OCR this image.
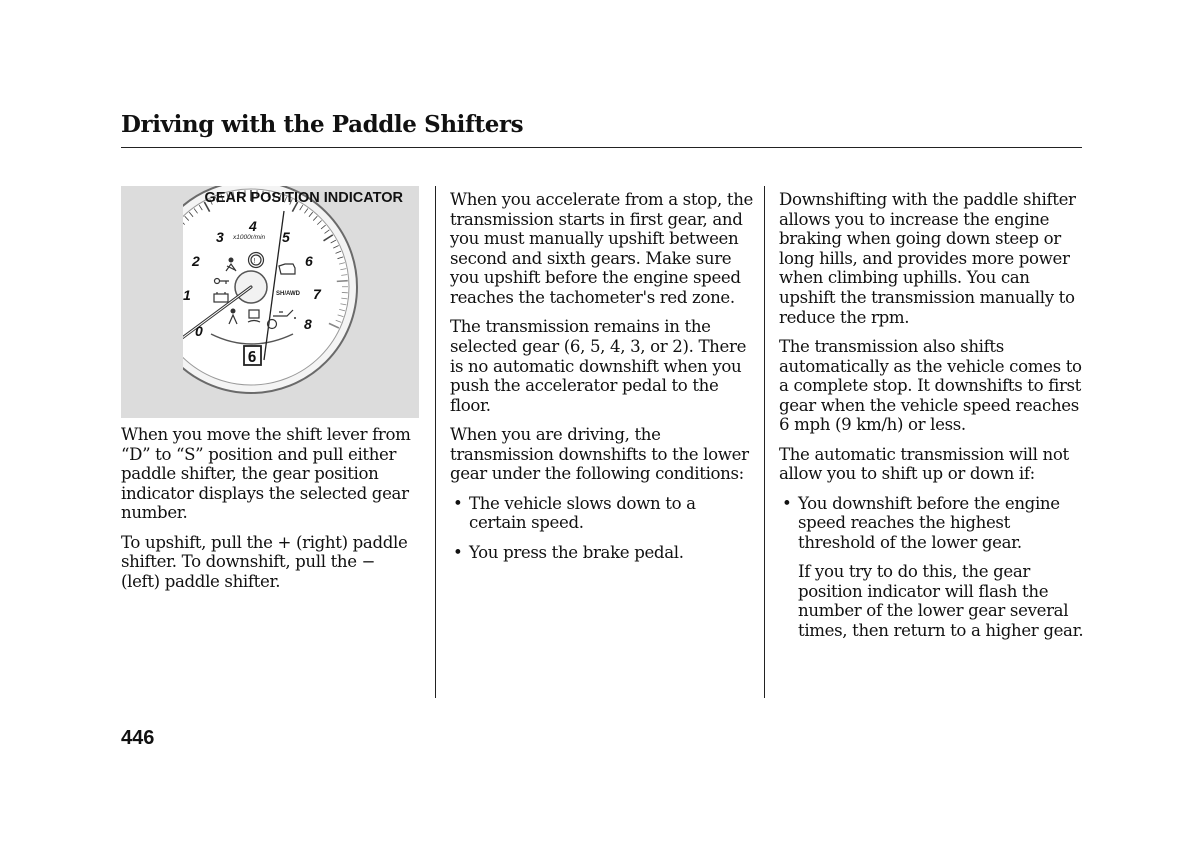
Driving with the Paddle Shifters
0
1
2
3
4
5
6
7
8
x1000r/min
!
SH/AWD
6
GEAR POSITION INDICATOR

When you move the shift lever from
“D” to “S” position and pull either
paddle shifter, the gear position
indicator displays the selected gear
number.

To upshift, pull the + (right) paddle
shifter. To downshift, pull the −
(left) paddle shifter.

When you accelerate from a stop, the
transmission starts in first gear, and
you must manually upshift between
second and sixth gears. Make sure
you upshift before the engine speed
reaches the tachometer's red zone.

The transmission remains in the
selected gear (6, 5, 4, 3, or 2). There
is no automatic downshift when you
push the accelerator pedal to the
floor.

When you are driving, the
transmission downshifts to the lower
gear under the following conditions:

• The vehicle slows down to a
certain speed.
• You press the brake pedal.

Downshifting with the paddle shifter
allows you to increase the engine
braking when going down steep or
long hills, and provides more power
when climbing uphills. You can
upshift the transmission manually to
reduce the rpm.

The transmission also shifts
automatically as the vehicle comes to
a complete stop. It downshifts to first
gear when the vehicle speed reaches
6 mph (9 km/h) or less.

The automatic transmission will not
allow you to shift up or down if:

• You downshift before the engine
speed reaches the highest
threshold of the lower gear.

If you try to do this, the gear
position indicator will flash the
number of the lower gear several
times, then return to a higher gear.

446
